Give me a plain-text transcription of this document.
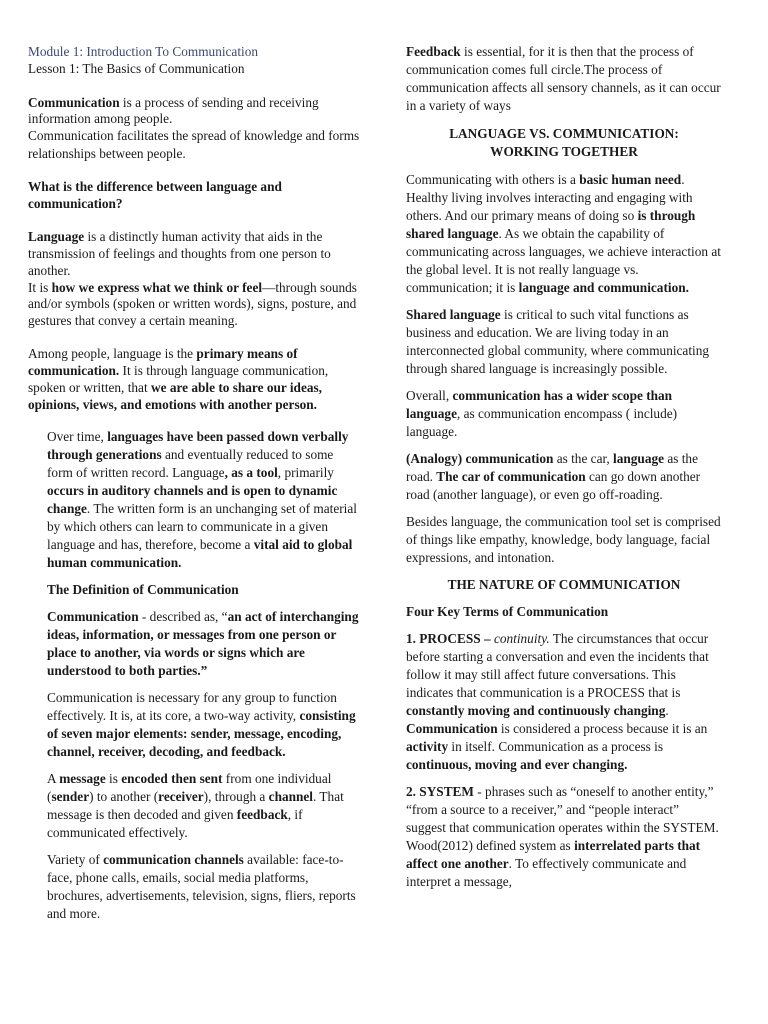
Module 1: Introduction To Communication
Lesson 1: The Basics of Communication
Communication is a process of sending and receiving
information among people.
Communication facilitates the spread of knowledge and forms
relationships between people.
What is the difference between language and
communication?
Language is a distinctly human activity that aids in the
transmission of feelings and thoughts from one person to
another.
It is how we express what we think or feel—through sounds
and/or symbols (spoken or written words), signs, posture, and
gestures that convey a certain meaning.
Among people, language is the primary means of
communication. It is through language communication,
spoken or written, that we are able to share our ideas,
opinions, views, and emotions with another person.

Over time, languages have been passed down verbally through generations and eventually reduced to some form of written record. Language, as a tool, primarily occurs in auditory channels and is open to dynamic change. The written form is an unchanging set of material by which others can learn to communicate in a given language and has, therefore, become a vital aid to global human communication.

The Definition of Communication

Communication - described as, “an act of interchanging ideas, information, or messages from one person or place to another, via words or signs which are understood to both parties.”

Communication is necessary for any group to function effectively. It is, at its core, a two-way activity, consisting of seven major elements: sender, message, encoding, channel, receiver, decoding, and feedback.

A message is encoded then sent from one individual (sender) to another (receiver), through a channel. That message is then decoded and given feedback, if communicated effectively.

Variety of communication channels available: face-to-face, phone calls, emails, social media platforms, brochures, advertisements, television, signs, fliers, reports and more.

Feedback is essential, for it is then that the process of communication comes full circle.The process of communication affects all sensory channels, as it can occur in a variety of ways

LANGUAGE VS. COMMUNICATION: WORKING TOGETHER

Communicating with others is a basic human need. Healthy living involves interacting and engaging with others. And our primary means of doing so is through shared language. As we obtain the capability of communicating across languages, we achieve interaction at the global level. It is not really language vs. communication; it is language and communication.

Shared language is critical to such vital functions as business and education. We are living today in an interconnected global community, where communicating through shared language is increasingly possible.

Overall, communication has a wider scope than language, as communication encompass ( include) language.

(Analogy) communication as the car, language as the road. The car of communication can go down another road (another language), or even go off-roading.

Besides language, the communication tool set is comprised of things like empathy, knowledge, body language, facial expressions, and intonation.

THE NATURE OF COMMUNICATION

Four Key Terms of Communication

1. PROCESS – continuity. The circumstances that occur before starting a conversation and even the incidents that follow it may still affect future conversations. This indicates that communication is a PROCESS that is constantly moving and continuously changing. Communication is considered a process because it is an activity in itself. Communication as a process is continuous, moving and ever changing.

2. SYSTEM - phrases such as “oneself to another entity,” “from a source to a receiver,” and “people interact” suggest that communication operates within the SYSTEM. Wood(2012) defined system as interrelated parts that affect one another. To effectively communicate and interpret a message,
